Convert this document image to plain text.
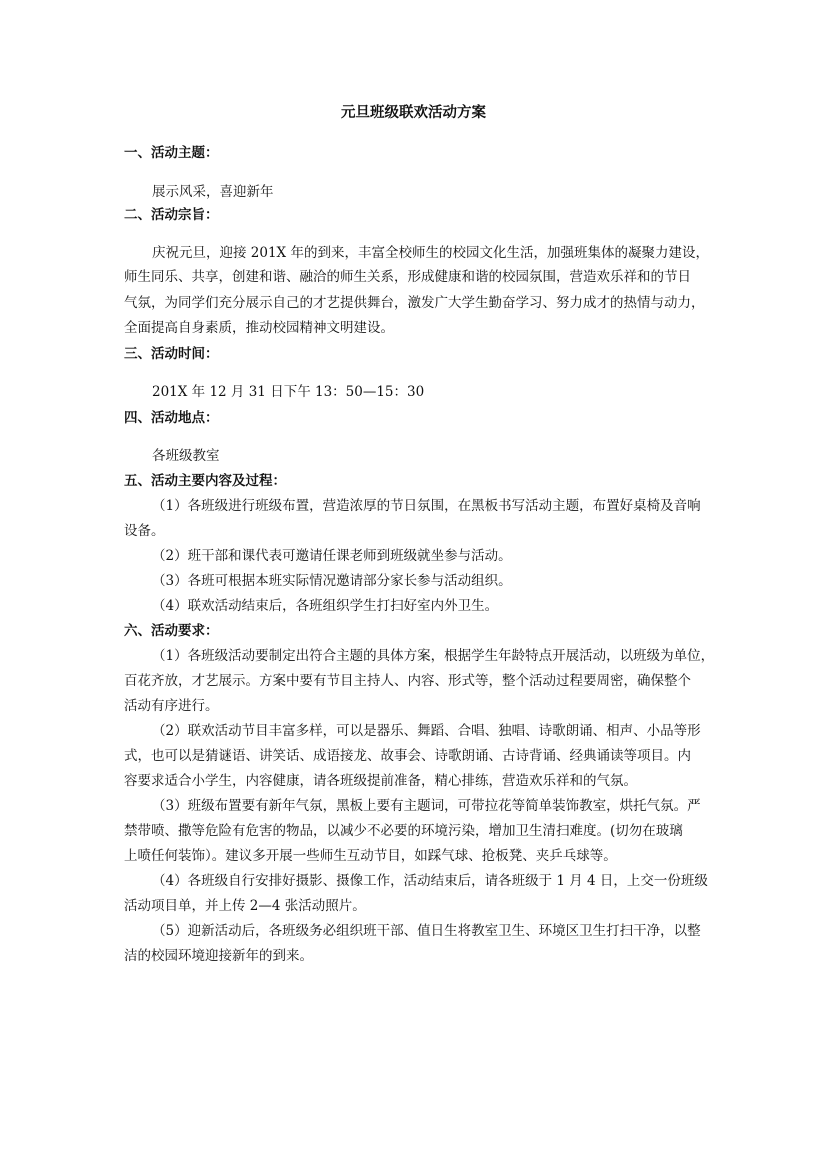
元旦班级联欢活动方案
一、活动主题：
展示风采，喜迎新年
二、活动宗旨：
庆祝元旦，迎接 201X 年的到来，丰富全校师生的校园文化生活，加强班集体的凝聚力建设，
师生同乐、共享，创建和谐、融洽的师生关系，形成健康和谐的校园氛围，营造欢乐祥和的节日
气氛，为同学们充分展示自己的才艺提供舞台，激发广大学生勤奋学习、努力成才的热情与动力，
全面提高自身素质，推动校园精神文明建设。
三、活动时间：
201X 年 12 月 31 日下午 13：50—15：30
四、活动地点：
各班级教室
五、活动主要内容及过程：
（1）各班级进行班级布置，营造浓厚的节日氛围，在黑板书写活动主题，布置好桌椅及音响
设备。
（2）班干部和课代表可邀请任课老师到班级就坐参与活动。
（3）各班可根据本班实际情况邀请部分家长参与活动组织。
（4）联欢活动结束后，各班组织学生打扫好室内外卫生。
六、活动要求：
（1）各班级活动要制定出符合主题的具体方案，根据学生年龄特点开展活动，以班级为单位，
百花齐放，才艺展示。方案中要有节目主持人、内容、形式等，整个活动过程要周密，确保整个
活动有序进行。
（2）联欢活动节目丰富多样，可以是器乐、舞蹈、合唱、独唱、诗歌朗诵、相声、小品等形
式，也可以是猜谜语、讲笑话、成语接龙、故事会、诗歌朗诵、古诗背诵、经典诵读等项目。内
容要求适合小学生，内容健康，请各班级提前准备，精心排练，营造欢乐祥和的气氛。
（3）班级布置要有新年气氛，黑板上要有主题词，可带拉花等简单装饰教室，烘托气氛。严
禁带喷、撒等危险有危害的物品，以减少不必要的环境污染，增加卫生清扫难度。(切勿在玻璃
上喷任何装饰）。建议多开展一些师生互动节目，如踩气球、抢板凳、夹乒乓球等。
（4）各班级自行安排好摄影、摄像工作，活动结束后，请各班级于 1 月 4 日，上交一份班级
活动项目单，并上传 2—4 张活动照片。
（5）迎新活动后，各班级务必组织班干部、值日生将教室卫生、环境区卫生打扫干净，以整
洁的校园环境迎接新年的到来。
